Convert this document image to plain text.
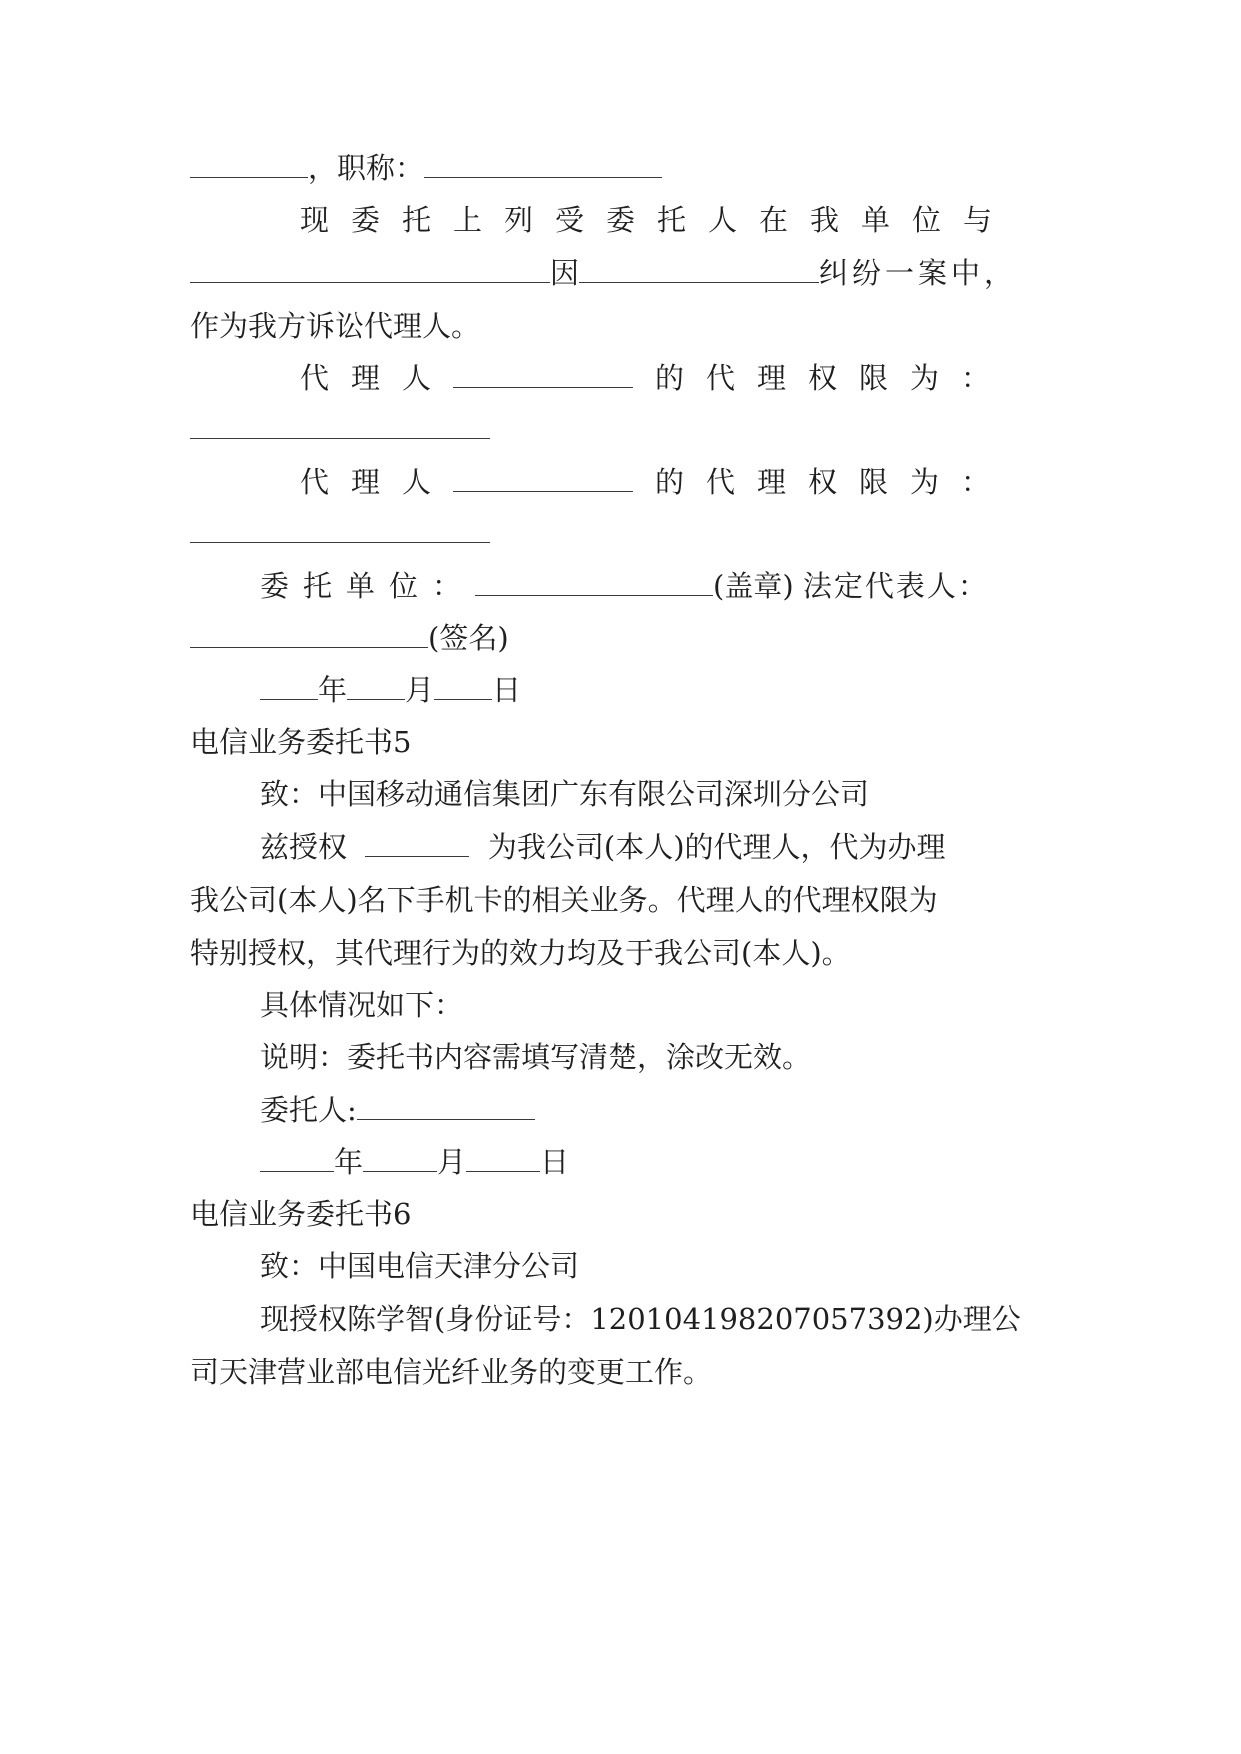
，职称：
现委托上列受委托人在我单位与
因	纠纷一案中，
作为我方诉讼代理人。
代理人	的代理权限为：
代理人	的代理权限为：
委托单位：	(盖章) 法定代表人：
(签名)
年 月 日
电信业务委托书5
致：中国移动通信集团广东有限公司深圳分公司
兹授权	为我公司(本人)的代理人，代为办理
我公司(本人)名下手机卡的相关业务。代理人的代理权限为
特别授权，其代理行为的效力均及于我公司(本人)。
具体情况如下：
说明：委托书内容需填写清楚，涂改无效。
委托人:
年	月	日
电信业务委托书6
致：中国电信天津分公司
现授权陈学智(身份证号：120104198207057392)办理公
司天津营业部电信光纤业务的变更工作。
